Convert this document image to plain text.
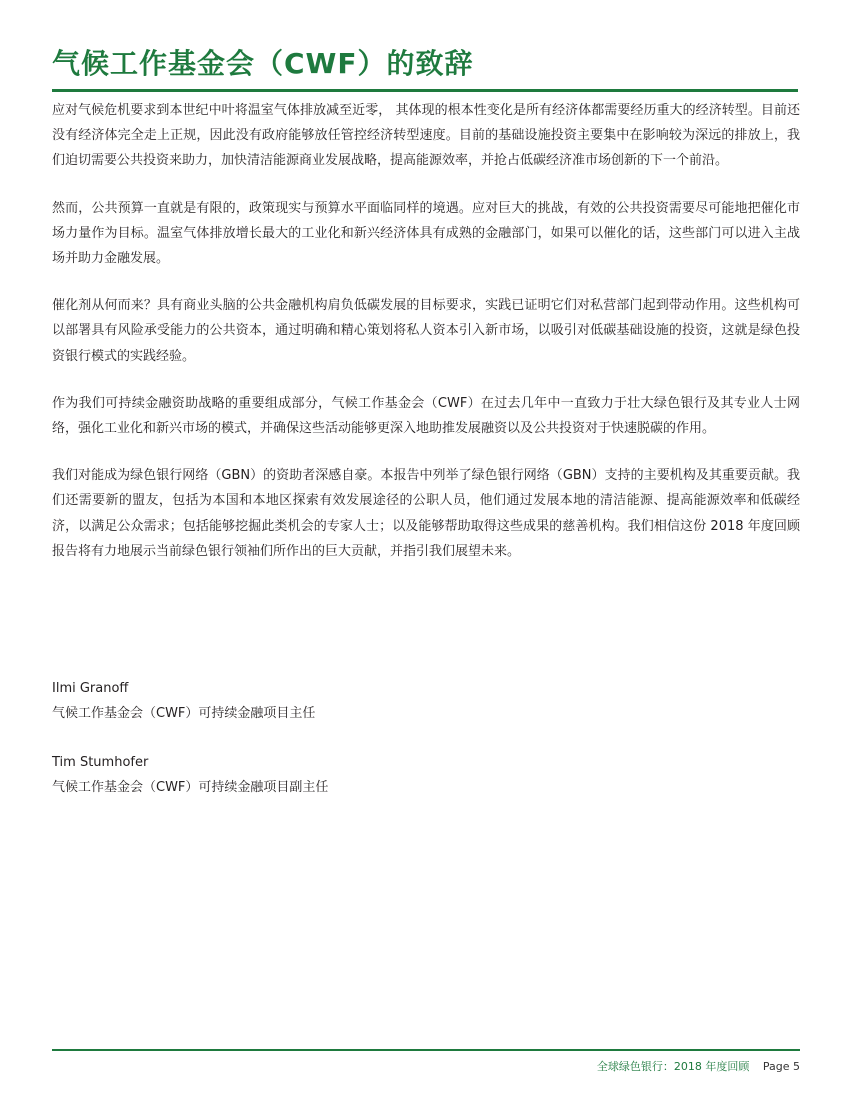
气候工作基金会（CWF）的致辞

应对气候危机要求到本世纪中叶将温室气体排放减至近零， 其体现的根本性变化是所有经济体都需要经历重大的经济转型。目前还没有经济体完全走上正规，因此没有政府能够放任管控经济转型速度。目前的基础设施投资主要集中在影响较为深远的排放上，我们迫切需要公共投资来助力，加快清洁能源商业发展战略，提高能源效率，并抢占低碳经济准市场创新的下一个前沿。

然而，公共预算一直就是有限的，政策现实与预算水平面临同样的境遇。应对巨大的挑战，有效的公共投资需要尽可能地把催化市场力量作为目标。温室气体排放增长最大的工业化和新兴经济体具有成熟的金融部门，如果可以催化的话，这些部门可以进入主战场并助力金融发展。

催化剂从何而来？具有商业头脑的公共金融机构肩负低碳发展的目标要求，实践已证明它们对私营部门起到带动作用。这些机构可以部署具有风险承受能力的公共资本，通过明确和精心策划将私人资本引入新市场，以吸引对低碳基础设施的投资，这就是绿色投资银行模式的实践经验。

作为我们可持续金融资助战略的重要组成部分，气候工作基金会（CWF）在过去几年中一直致力于壮大绿色银行及其专业人士网络，强化工业化和新兴市场的模式，并确保这些活动能够更深入地助推发展融资以及公共投资对于快速脱碳的作用。

我们对能成为绿色银行网络（GBN）的资助者深感自豪。本报告中列举了绿色银行网络（GBN）支持的主要机构及其重要贡献。我们还需要新的盟友，包括为本国和本地区探索有效发展途径的公职人员，他们通过发展本地的清洁能源、提高能源效率和低碳经济，以满足公众需求；包括能够挖掘此类机会的专家人士；以及能够帮助取得这些成果的慈善机构。我们相信这份 2018 年度回顾报告将有力地展示当前绿色银行领袖们所作出的巨大贡献，并指引我们展望未来。

Ilmi Granoff
气候工作基金会（CWF）可持续金融项目主任
Tim Stumhofer
气候工作基金会（CWF）可持续金融项目副主任
全球绿色银行：2018 年度回顾 Page 5
